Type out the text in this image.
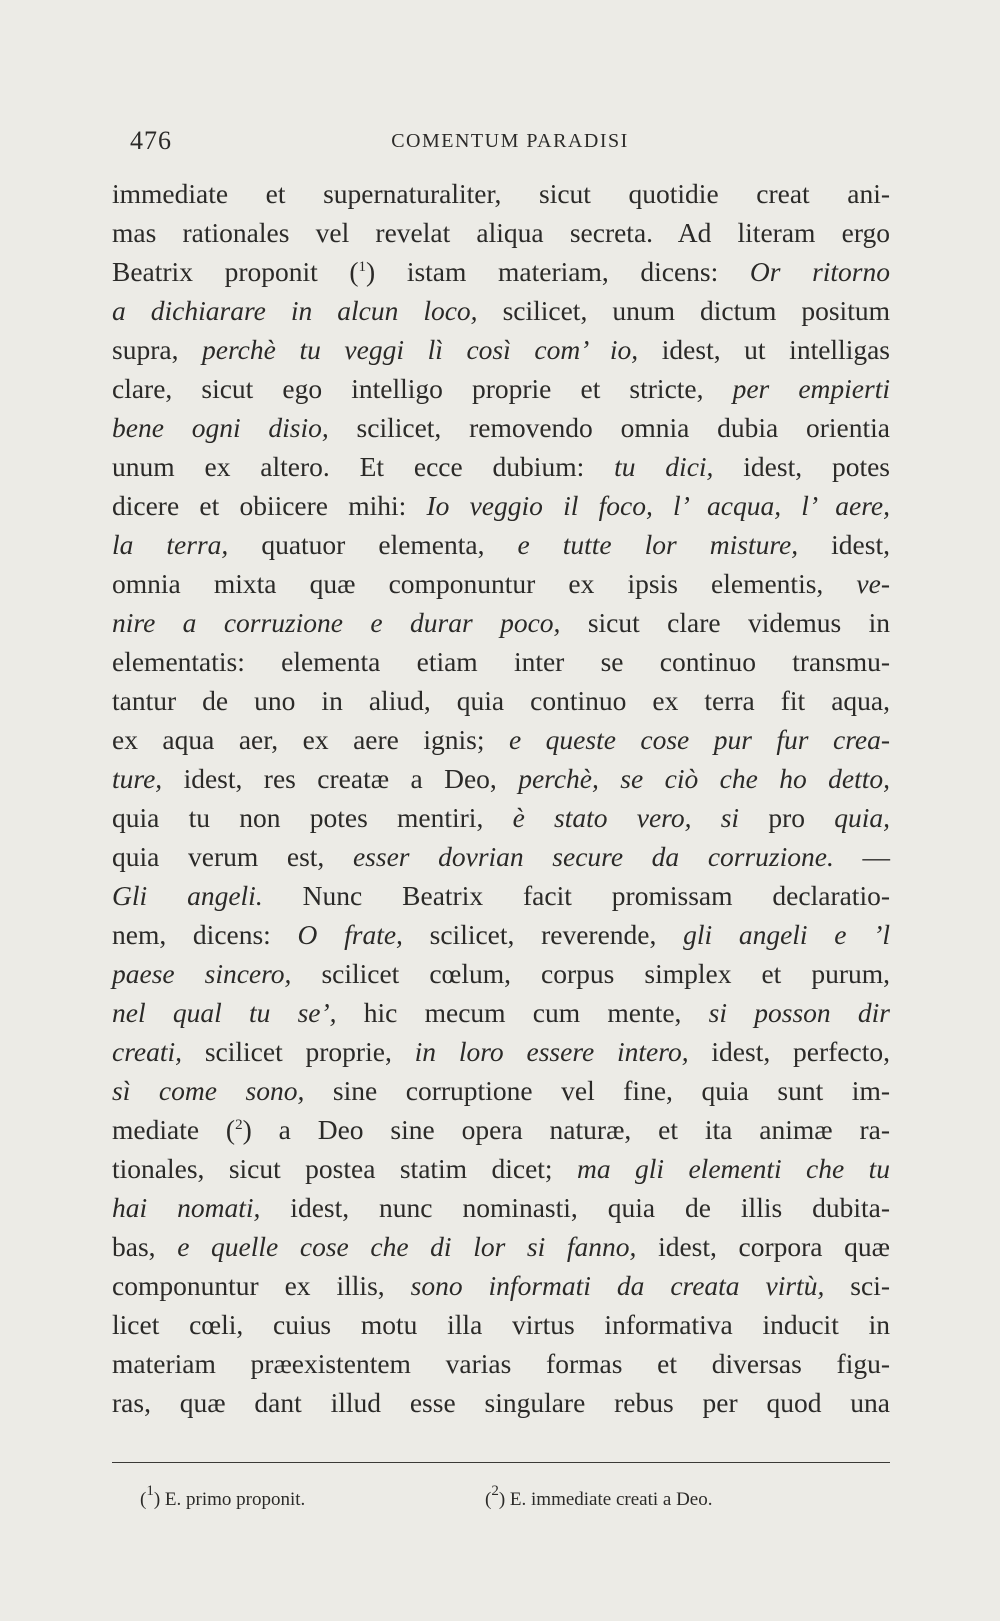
476	COMENTUM PARADISI
immediate et supernaturaliter, sicut quotidie creat ani-
mas rationales vel revelat aliqua secreta. Ad literam ergo
Beatrix proponit ($^1$) istam materiam, dicens: Or ritorno
a dichiarare in alcun loco, scilicet, unum dictum positum
supra, perchè tu veggi lì così com’ io, idest, ut intelligas
clare, sicut ego intelligo proprie et stricte, per empierti
bene ogni disio, scilicet, removendo omnia dubia orientia
unum ex altero. Et ecce dubium: tu dici, idest, potes
dicere et obiicere mihi: Io veggio il foco, l’ acqua, l’ aere,
la terra, quatuor elementa, e tutte lor misture, idest,
omnia mixta quæ componuntur ex ipsis elementis, ve-
nire a corruzione e durar poco, sicut clare videmus in
elementatis: elementa etiam inter se continuo transmu-
tantur de uno in aliud, quia continuo ex terra fit aqua,
ex aqua aer, ex aere ignis; e queste cose pur fur crea-
ture, idest, res creatæ a Deo, perchè, se ciò che ho detto,
quia tu non potes mentiri, è stato vero, si pro quia,
quia verum est, esser dovrian secure da corruzione. —
Gli angeli. Nunc Beatrix facit promissam declaratio-
nem, dicens: O frate, scilicet, reverende, gli angeli e ’l
paese sincero, scilicet cœlum, corpus simplex et purum,
nel qual tu se’, hic mecum cum mente, si posson dir
creati, scilicet proprie, in loro essere intero, idest, perfecto,
sì come sono, sine corruptione vel fine, quia sunt im-
mediate ($^2$) a Deo sine opera naturæ, et ita animæ ra-
tionales, sicut postea statim dicet; ma gli elementi che tu
hai nomati, idest, nunc nominasti, quia de illis dubita-
bas, e quelle cose che di lor si fanno, idest, corpora quæ
componuntur ex illis, sono informati da creata virtù, sci-
licet cœli, cuius motu illa virtus informativa inducit in
materiam præexistentem varias formas et diversas figu-
ras, quæ dant illud esse singulare rebus per quod una
($^1$) E. primo proponit.	($^2$) E. immediate creati a Deo.
